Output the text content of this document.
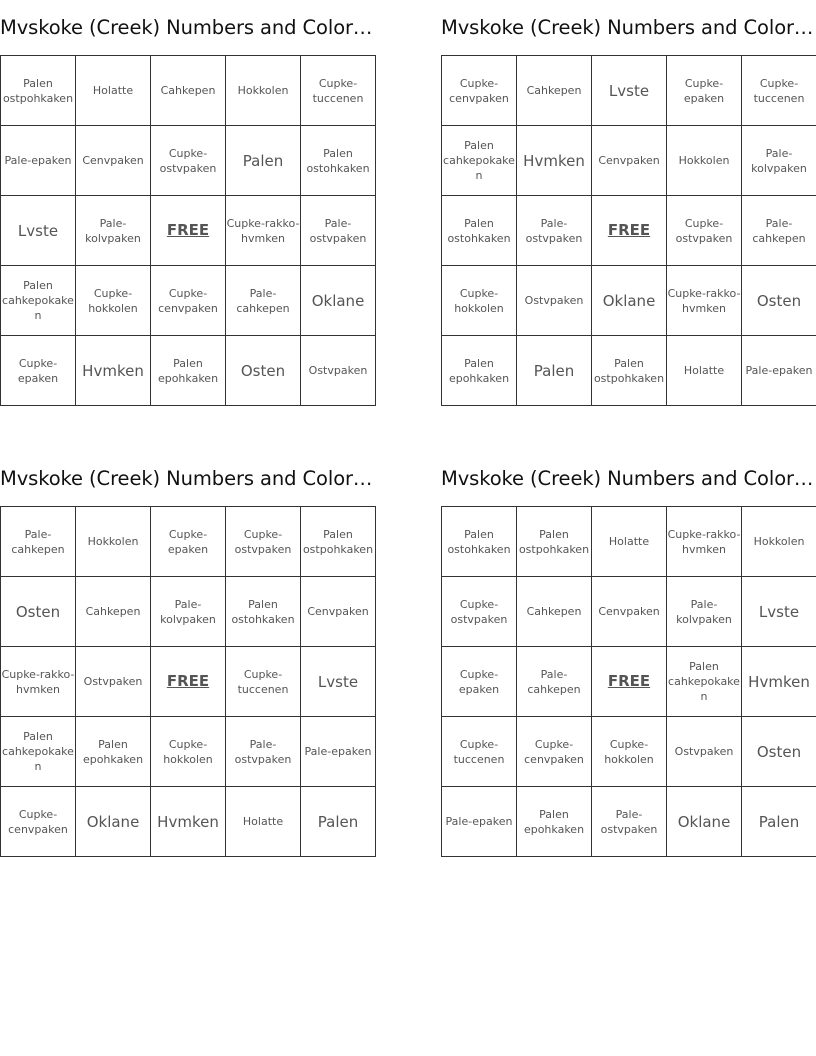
Mvskoke (Creek) Numbers and Color…
Palen ostpohkaken	Holatte	Cahkepen	Hokkolen	Cupke-tuccenen
Pale-epaken	Cenvpaken	Cupke-ostvpaken	Palen	Palen ostohkaken
Lvste	Pale-kolvpaken	FREE	Cupke-rakko-hvmken	Pale-ostvpaken
Palen cahkepokaken	Cupke-hokkolen	Cupke-cenvpaken	Pale-cahkepen	Oklane
Cupke-epaken	Hvmken	Palen epohkaken	Osten	Ostvpaken
Mvskoke (Creek) Numbers and Color…
Cupke-cenvpaken	Cahkepen	Lvste	Cupke-epaken	Cupke-tuccenen
Palen cahkepokaken	Hvmken	Cenvpaken	Hokkolen	Pale-kolvpaken
Palen ostohkaken	Pale-ostvpaken	FREE	Cupke-ostvpaken	Pale-cahkepen
Cupke-hokkolen	Ostvpaken	Oklane	Cupke-rakko-hvmken	Osten
Palen epohkaken	Palen	Palen ostpohkaken	Holatte	Pale-epaken
Mvskoke (Creek) Numbers and Color…
Pale-cahkepen	Hokkolen	Cupke-epaken	Cupke-ostvpaken	Palen ostpohkaken
Osten	Cahkepen	Pale-kolvpaken	Palen ostohkaken	Cenvpaken
Cupke-rakko-hvmken	Ostvpaken	FREE	Cupke-tuccenen	Lvste
Palen cahkepokaken	Palen epohkaken	Cupke-hokkolen	Pale-ostvpaken	Pale-epaken
Cupke-cenvpaken	Oklane	Hvmken	Holatte	Palen
Mvskoke (Creek) Numbers and Color…
Palen ostohkaken	Palen ostpohkaken	Holatte	Cupke-rakko-hvmken	Hokkolen
Cupke-ostvpaken	Cahkepen	Cenvpaken	Pale-kolvpaken	Lvste
Cupke-epaken	Pale-cahkepen	FREE	Palen cahkepokaken	Hvmken
Cupke-tuccenen	Cupke-cenvpaken	Cupke-hokkolen	Ostvpaken	Osten
Pale-epaken	Palen epohkaken	Pale-ostvpaken	Oklane	Palen
